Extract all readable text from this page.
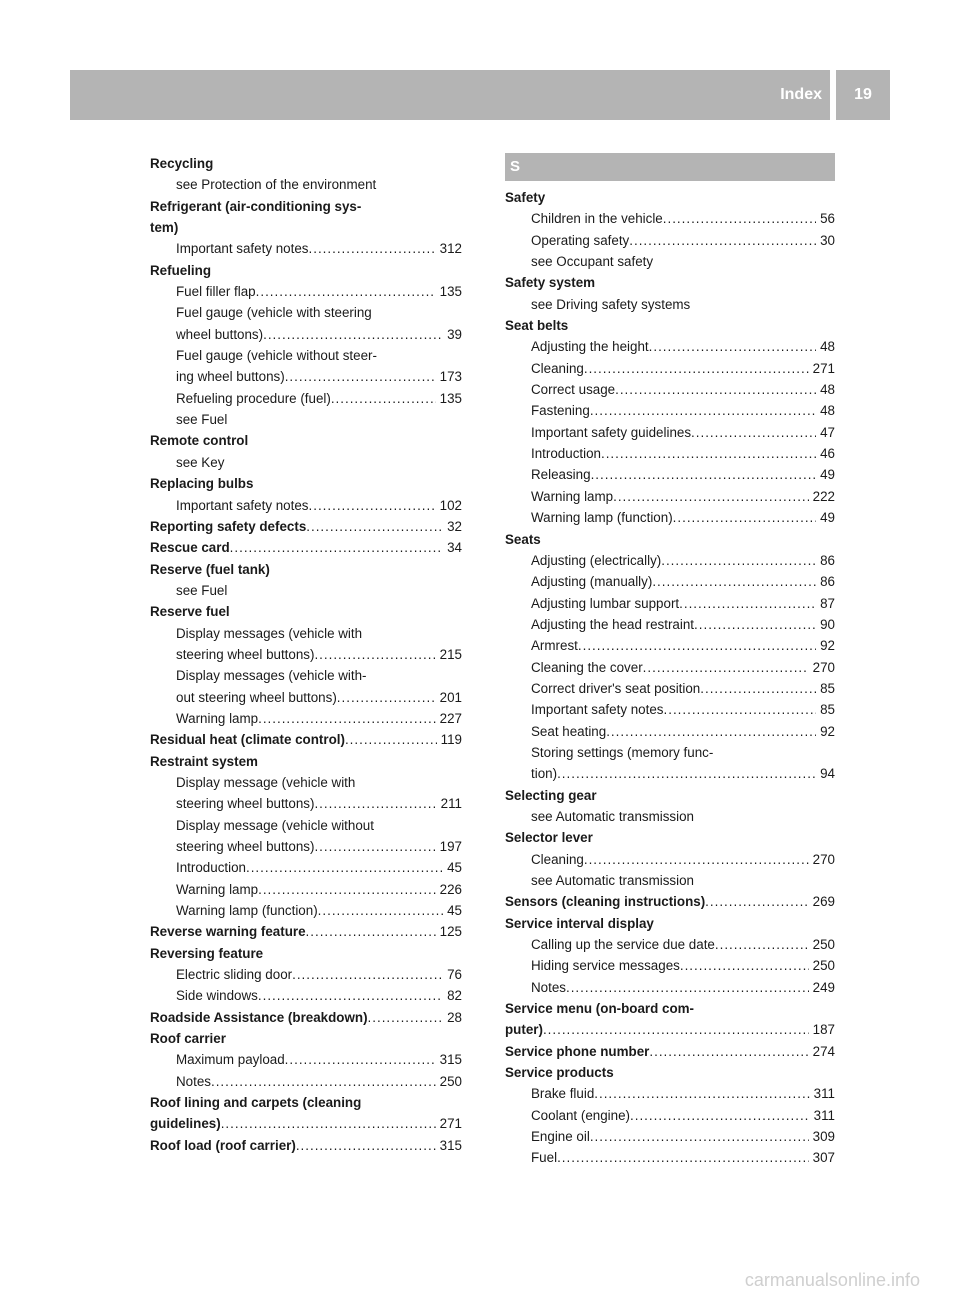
Index	19
Recycling
see Protection of the environment
Refrigerant (air-conditioning sys-
tem)
Important safety notes .....	312
Refueling
Fuel filler flap .....	135
Fuel gauge (vehicle with steering
wheel buttons) .....	39
Fuel gauge (vehicle without steer-
ing wheel buttons) .....	173
Refueling procedure (fuel) .....	135
see Fuel
Remote control
see Key
Replacing bulbs
Important safety notes .....	102
Reporting safety defects .....	32
Rescue card .....	34
Reserve (fuel tank)
see Fuel
Reserve fuel
Display messages (vehicle with
steering wheel buttons) .....	215
Display messages (vehicle with-
out steering wheel buttons) .....	201
Warning lamp .....	227
Residual heat (climate control) .....	119
Restraint system
Display message (vehicle with
steering wheel buttons) .....	211
Display message (vehicle without
steering wheel buttons) .....	197
Introduction .....	45
Warning lamp .....	226
Warning lamp (function) .....	45
Reverse warning feature .....	125
Reversing feature
Electric sliding door .....	76
Side windows .....	82
Roadside Assistance (breakdown) .....	28
Roof carrier
Maximum payload .....	315
Notes .....	250
Roof lining and carpets (cleaning
guidelines) .....	271
Roof load (roof carrier) .....	315
S
Safety
Children in the vehicle .....	56
Operating safety .....	30
see Occupant safety
Safety system
see Driving safety systems
Seat belts
Adjusting the height .....	48
Cleaning .....	271
Correct usage .....	48
Fastening .....	48
Important safety guidelines .....	47
Introduction .....	46
Releasing .....	49
Warning lamp .....	222
Warning lamp (function) .....	49
Seats
Adjusting (electrically) .....	86
Adjusting (manually) .....	86
Adjusting lumbar support .....	87
Adjusting the head restraint .....	90
Armrest .....	92
Cleaning the cover .....	270
Correct driver's seat position .....	85
Important safety notes .....	85
Seat heating .....	92
Storing settings (memory func-
tion) .....	94
Selecting gear
see Automatic transmission
Selector lever
Cleaning .....	270
see Automatic transmission
Sensors (cleaning instructions) .....	269
Service interval display
Calling up the service due date .....	250
Hiding service messages .....	250
Notes .....	249
Service menu (on-board com-
puter) .....	187
Service phone number .....	274
Service products
Brake fluid .....	311
Coolant (engine) .....	311
Engine oil .....	309
Fuel .....	307
carmanualsonline.info
